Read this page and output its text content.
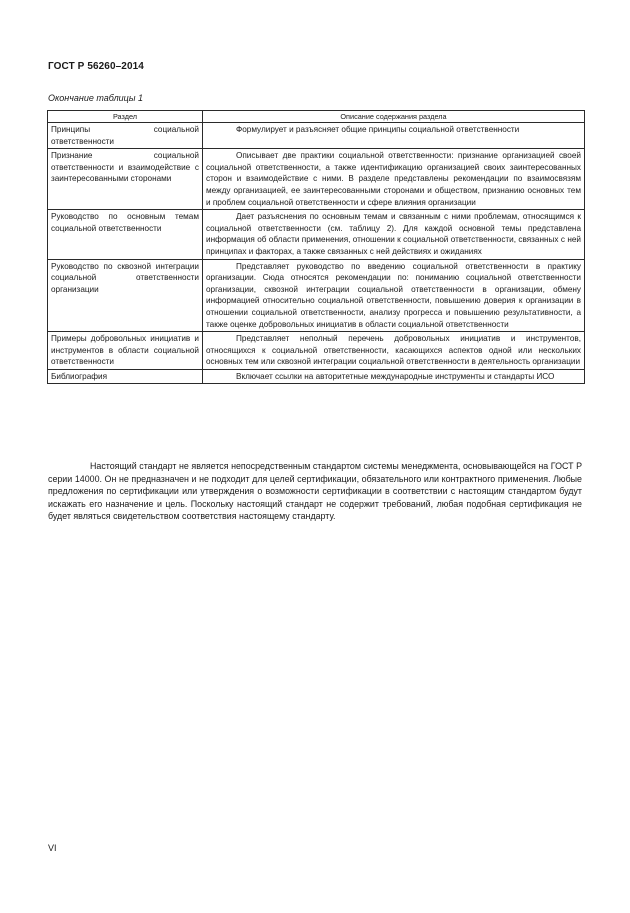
ГОСТ Р 56260–2014
Окончание таблицы 1
Раздел	Описание содержания раздела
Принципы социальной ответственности	Формулирует и разъясняет общие принципы социальной ответственности
Признание социальной ответственности и взаимодействие с заинтересованными сторонами	Описывает две практики социальной ответственности: признание организацией своей социальной ответственности, а также идентификацию организацией своих заинтересованных сторон и взаимодействие с ними. В разделе представлены рекомендации по взаимосвязям между организацией, ее заинтересованными сторонами и обществом, признанию основных тем и проблем социальной ответственности и сфере влияния организации
Руководство по основным темам социальной ответственности	Дает разъяснения по основным темам и связанным с ними проблемам, относящимся к социальной ответственности (см. таблицу 2). Для каждой основной темы представлена информация об области применения, отношении к социальной ответственности, связанных с ней принципах и факторах, а также связанных с ней действиях и ожиданиях
Руководство по сквозной интеграции социальной ответственности организации	Представляет руководство по введению социальной ответственности в практику организации. Сюда относятся рекомендации по: пониманию социальной ответственности организации, сквозной интеграции социальной ответственности в организации, обмену информацией относительно социальной ответственности, повышению доверия к организации в отношении социальной ответственности, анализу прогресса и повышению результативности, а также оценке добровольных инициатив в области социальной ответственности
Примеры добровольных инициатив и инструментов в области социальной ответственности	Представляет неполный перечень добровольных инициатив и инструментов, относящихся к социальной ответственности, касающихся аспектов одной или нескольких основных тем или сквозной интеграции социальной ответственности в деятельность организации
Библиография	Включает ссылки на авторитетные международные инструменты и стандарты ИСО

Настоящий стандарт не является непосредственным стандартом системы менеджмента, основывающейся на ГОСТ Р серии 14000. Он не предназначен и не подходит для целей сертификации, обязательного или контрактного применения. Любые предложения по сертификации или утверждения о возможности сертификации в соответствии с настоящим стандартом будут искажать его назначение и цель. Поскольку настоящий стандарт не содержит требований, любая подобная сертификация не будет являться свидетельством соответствия настоящему стандарту.

VI
